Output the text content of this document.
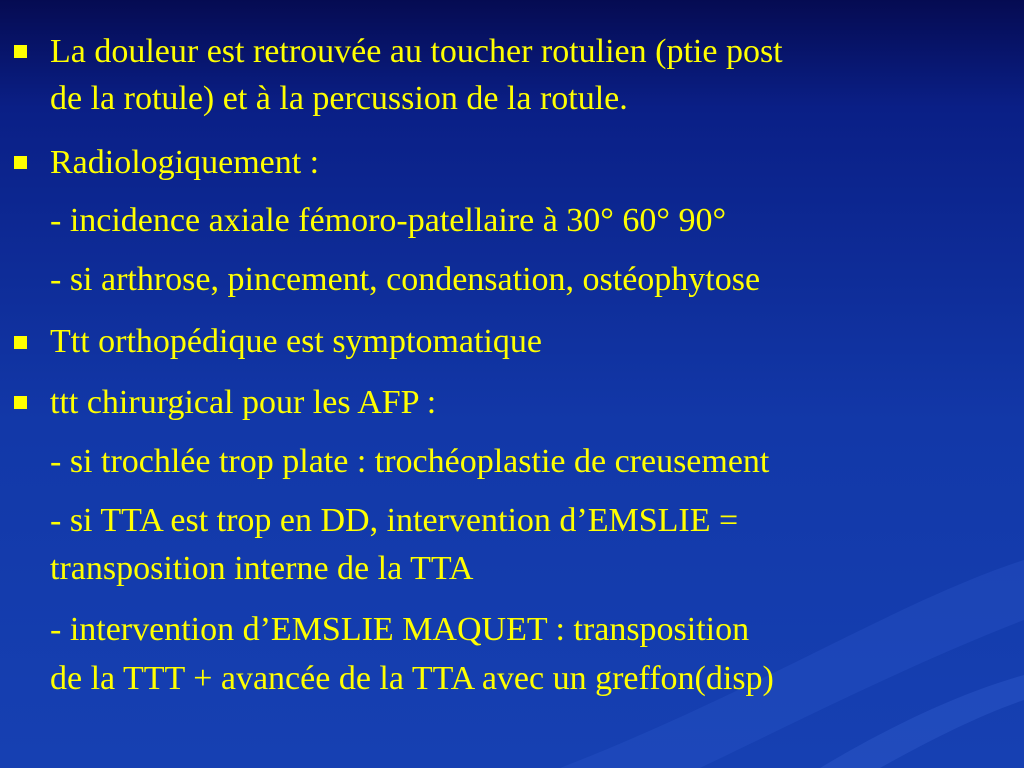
La douleur est retrouvée au toucher rotulien (ptie post
de la rotule) et à la percussion de la rotule.
Radiologiquement :
- incidence axiale fémoro-patellaire à 30° 60° 90°
- si arthrose, pincement, condensation, ostéophytose
Ttt orthopédique est symptomatique
ttt chirurgical pour les AFP :
- si trochlée trop plate : trochéoplastie de creusement
- si TTA est trop en DD, intervention d’EMSLIE =
transposition interne de la TTA
- intervention d’EMSLIE MAQUET : transposition
de la TTT + avancée de la TTA avec un greffon(disp)
